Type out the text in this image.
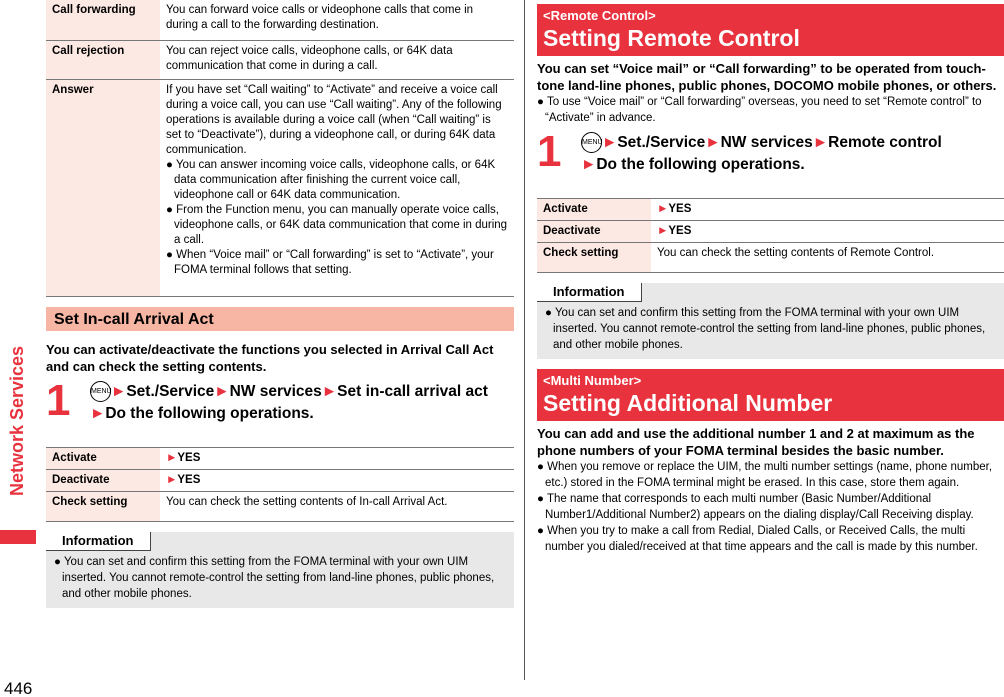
Network Services
446
Call forwarding	You can forward voice calls or videophone calls that come in during a call to the forwarding destination.
Call rejection	You can reject voice calls, videophone calls, or 64K data communication that come in during a call.
Answer	If you have set “Call waiting” to “Activate” and receive a voice call during a voice call, you can use “Call waiting”. Any of the following operations is available during a voice call (when “Call waiting” is set to “Deactivate”), during a videophone call, or during 64K data communication.
● You can answer incoming voice calls, videophone calls, or 64K data communication after finishing the current voice call, videophone call or 64K data communication.
● From the Function menu, you can manually operate voice calls, videophone calls, or 64K data communication that come in during a call.
● When “Voice mail” or “Call forwarding” is set to “Activate”, your FOMA terminal follows that setting.
Set In-call Arrival Act
You can activate/deactivate the functions you selected in Arrival Call Act and can check the setting contents.
1	MENU►Set./Service►NW services►Set in-call arrival act
►Do the following operations.
Activate	►YES
Deactivate	►YES
Check setting	You can check the setting contents of In-call Arrival Act.
Information
● You can set and confirm this setting from the FOMA terminal with your own UIM inserted. You cannot remote-control the setting from land-line phones, public phones, and other mobile phones.
<Remote Control>
Setting Remote Control
You can set “Voice mail” or “Call forwarding” to be operated from touch-tone land-line phones, public phones, DOCOMO mobile phones, or others.
● To use “Voice mail” or “Call forwarding” overseas, you need to set “Remote control” to “Activate” in advance.
1	MENU►Set./Service►NW services►Remote control
►Do the following operations.
Activate	►YES
Deactivate	►YES
Check setting	You can check the setting contents of Remote Control.
Information
● You can set and confirm this setting from the FOMA terminal with your own UIM inserted. You cannot remote-control the setting from land-line phones, public phones, and other mobile phones.
<Multi Number>
Setting Additional Number
You can add and use the additional number 1 and 2 at maximum as the phone numbers of your FOMA terminal besides the basic number.
● When you remove or replace the UIM, the multi number settings (name, phone number, etc.) stored in the FOMA terminal might be erased. In this case, store them again.
● The name that corresponds to each multi number (Basic Number/Additional Number1/Additional Number2) appears on the dialing display/Call Receiving display.
● When you try to make a call from Redial, Dialed Calls, or Received Calls, the multi number you dialed/received at that time appears and the call is made by this number.
